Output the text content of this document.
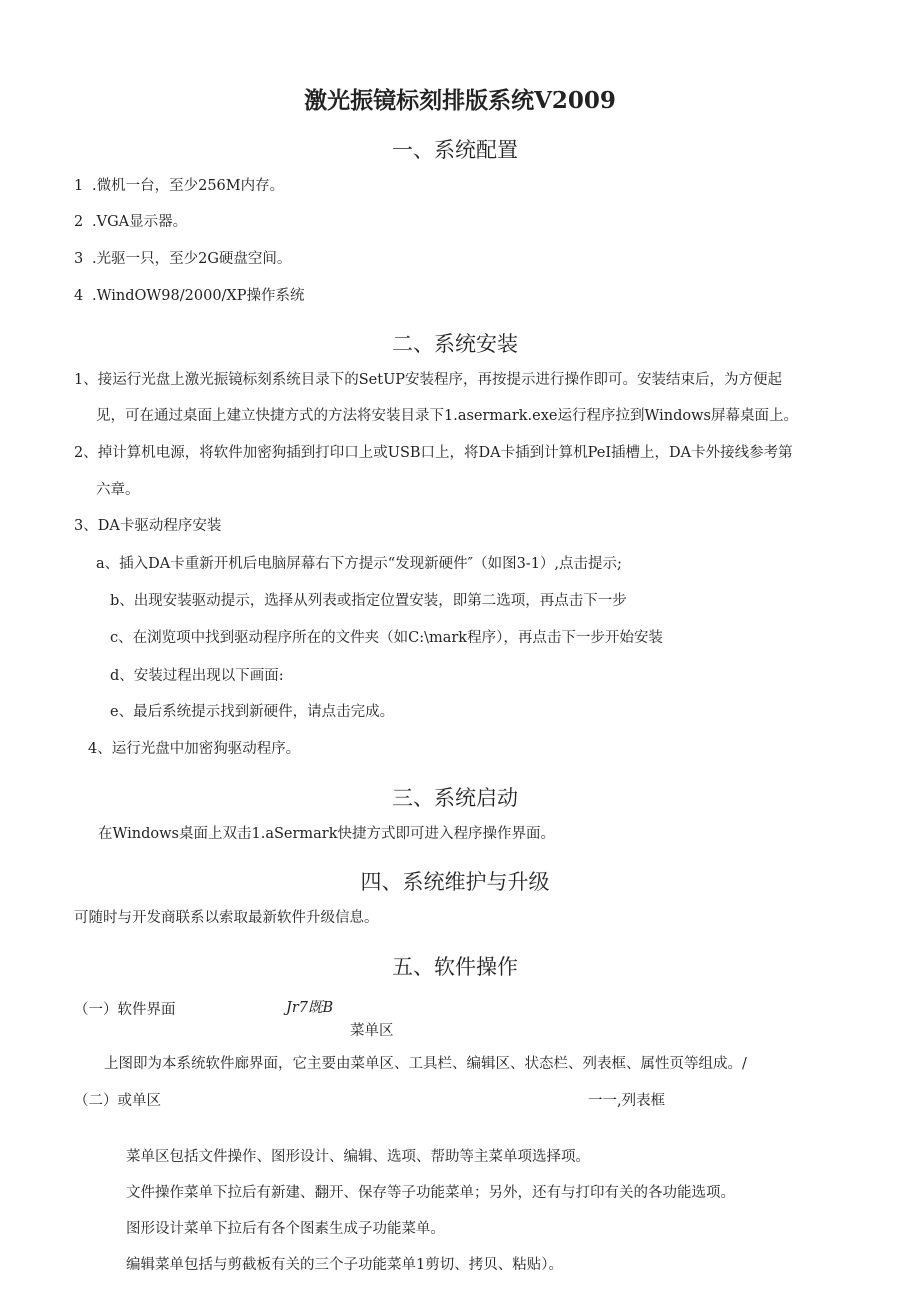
激光振镜标刻排版系统V2009
一、系统配置
1 .微机一台，至少256M内存。
2 .VGA显示器。
3 .光驱一只，至少2G硬盘空间。
4 .WindOW98/2000/XP操作系统
二、系统安装
1、接运行光盘上激光振镜标刻系统目录下的SetUP安装程序，再按提示进行操作即可。安装结束后，为方便起
见，可在通过桌面上建立快捷方式的方法将安装目录下1.asermark.exe运行程序拉到Windows屏幕桌面上。
2、掉计算机电源，将软件加密狗插到打印口上或USB口上，将DA卡插到计算机PeI插槽上，DA卡外接线参考第
六章。
3、DA卡驱动程序安装
a、插入DA卡重新开机后电脑屏幕右下方提示“发现新硬件″（如图3-1）,点击提示;
b、出现安装驱动提示，选择从列表或指定位置安装，即第二选项，再点击下一步
c、在浏览项中找到驱动程序所在的文件夹（如C:\mark程序），再点击下一步开始安装
d、安装过程出现以下画面:
e、最后系统提示找到新硬件，请点击完成。
4、运行光盘中加密狗驱动程序。
三、系统启动
在Windows桌面上双击1.aSermark快捷方式即可进入程序操作界面。
四、系统维护与升级
可随时与开发商联系以索取最新软件升级信息。
五、软件操作
（一）软件界面	Jr7既B
菜单区
上图即为本系统软件廊界面，它主要由菜单区、工具栏、编辑区、状态栏、列表框、属性页等组成。/
（二）或单区	一一,列表框
菜单区包括文件操作、图形设计、编辑、选项、帮助等主菜单项选择项。
文件操作菜单下拉后有新建、翻开、保存等子功能菜单；另外，还有与打印有关的各功能选项。
图形设计菜单下拉后有各个图素生成子功能菜单。
编辑菜单包括与剪截板有关的三个子功能菜单1剪切、拷贝、粘贴）。
